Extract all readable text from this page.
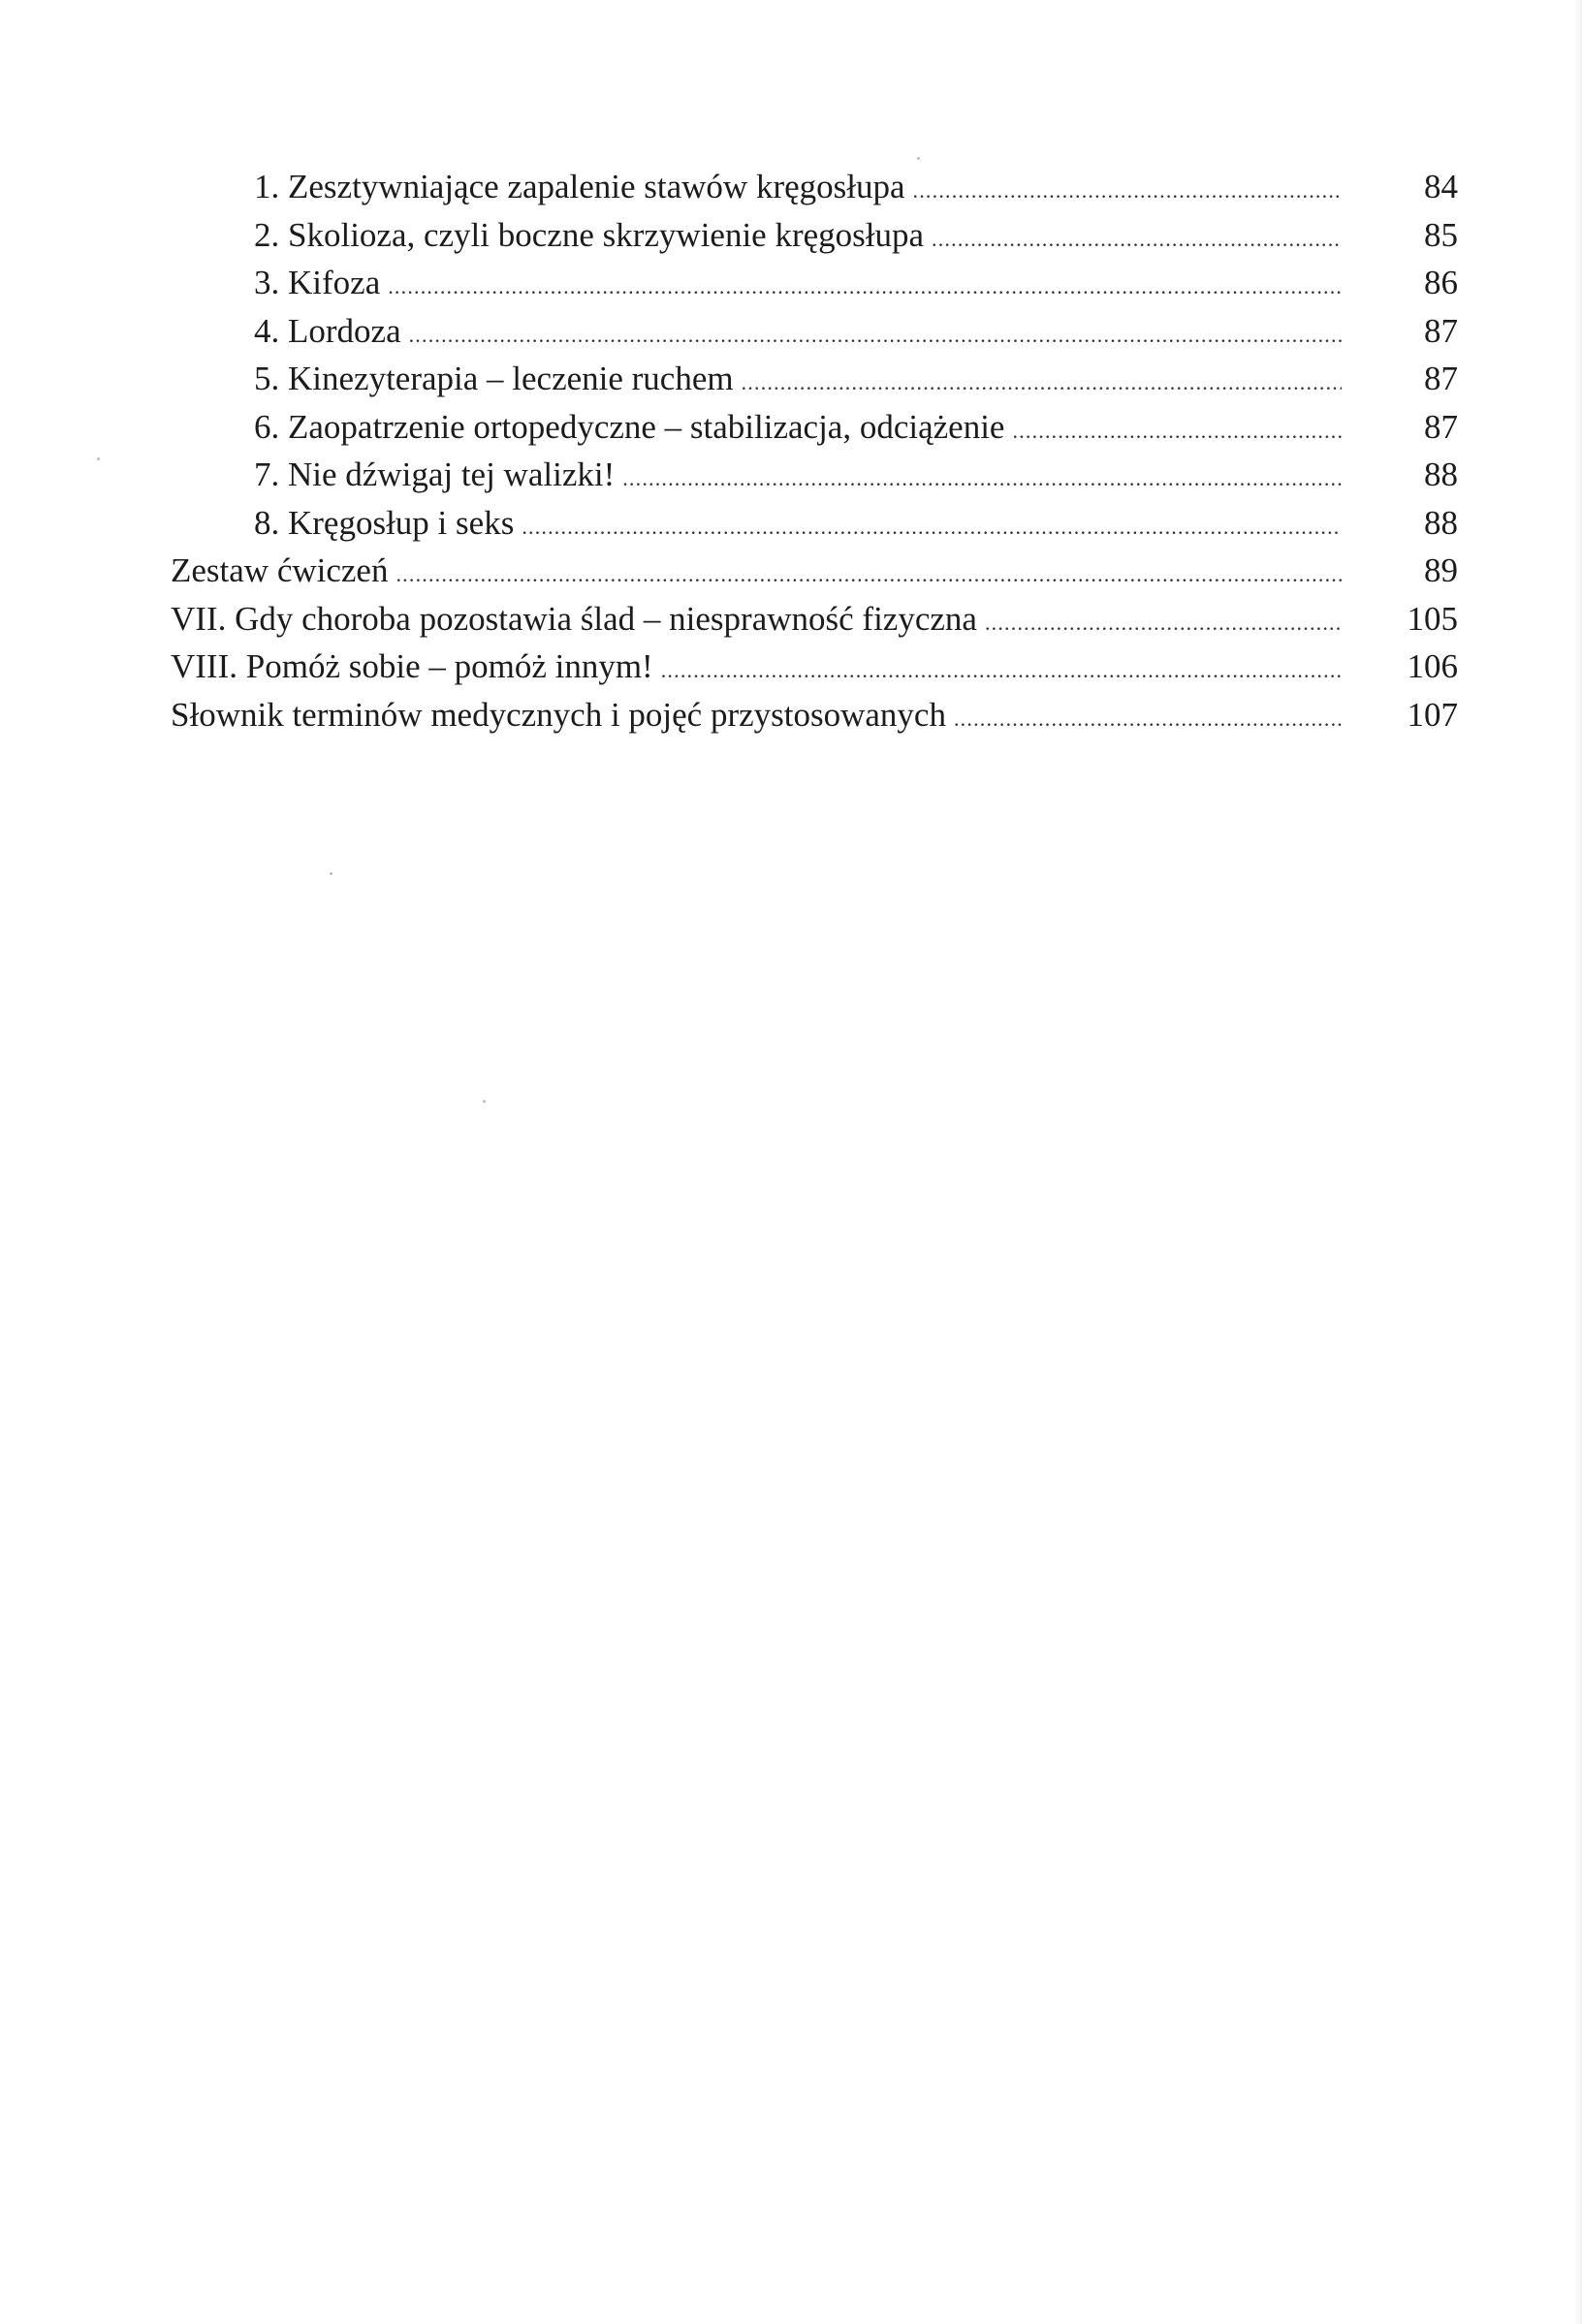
1.
Zesztywniające zapalenie stawów kręgosłupa .....	84
2.
Skolioza, czyli boczne skrzywienie kręgosłupa .....	85
3.
Kifoza .....	86
4.
Lordoza .....	87
5.
Kinezyterapia – leczenie ruchem .....	87
6.
Zaopatrzenie ortopedyczne – stabilizacja, odciążenie .....	87
7.
Nie dźwigaj tej walizki! .....	88
8.
Kręgosłup i seks .....	88
Zestaw ćwiczeń .....	89
VII.
Gdy choroba pozostawia ślad – niesprawność fizyczna .....	105
VIII.
Pomóż sobie – pomóż innym! .....	106
Słownik terminów medycznych i pojęć przystosowanych .....	107
